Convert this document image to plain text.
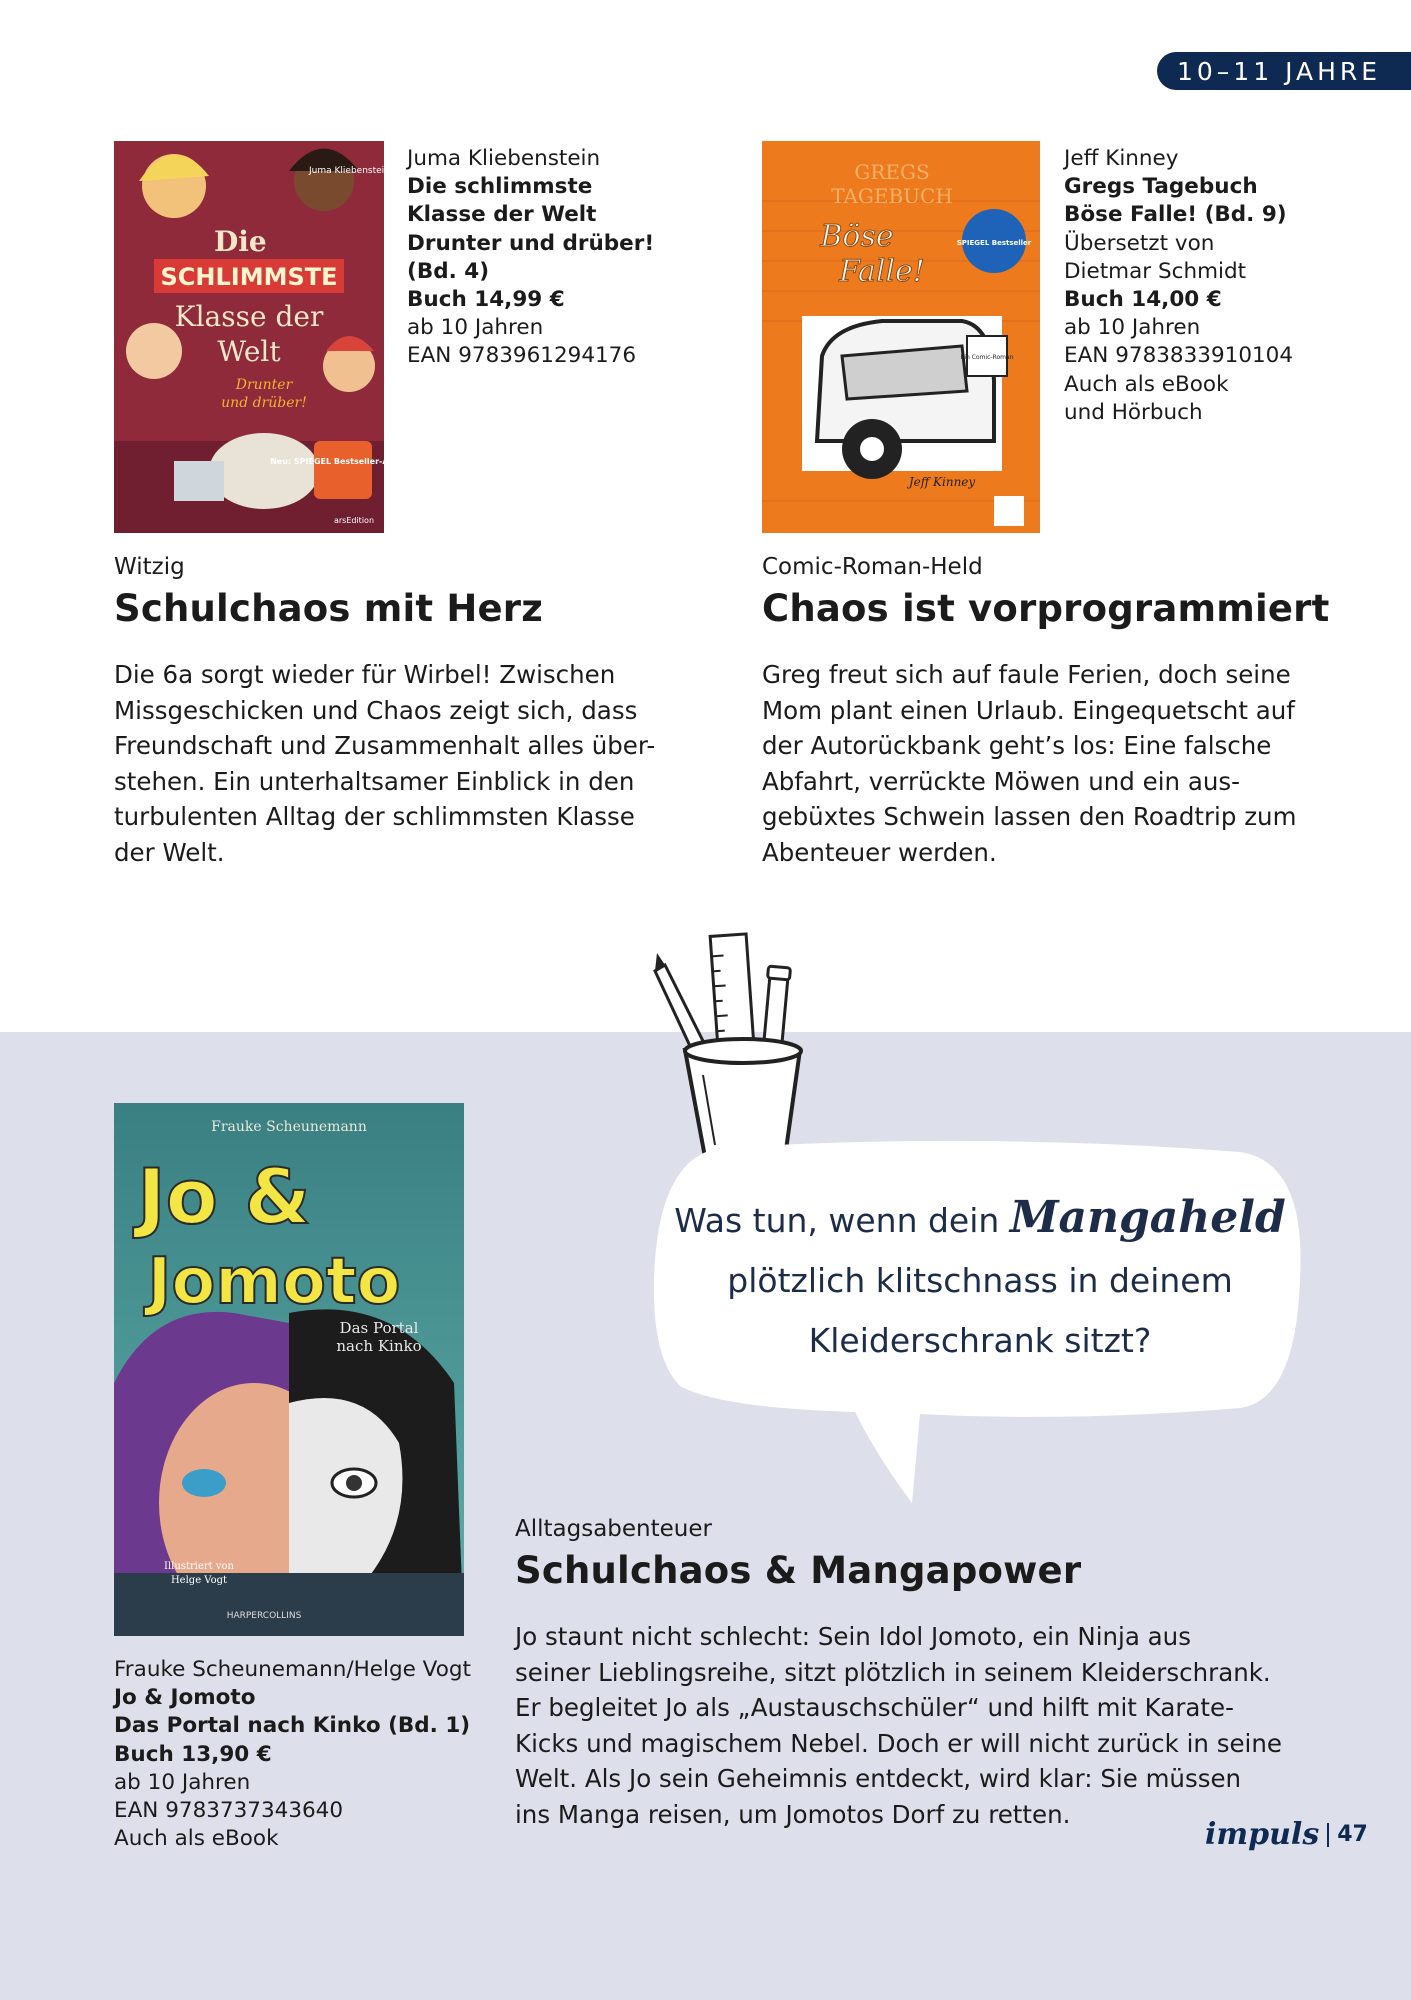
10–11 JAHRE
Neu: SPIEGEL Bestseller-Autorin
Juma Kliebenstein
Die
SCHLIMMSTE
Klasse der
Welt
Drunter
und drüber!
arsEdition
Juma Kliebenstein
Die schlimmste
Klasse der Welt
Drunter und drüber!
(Bd. 4)
Buch 14,99 €
ab 10 Jahren
EAN 9783961294176
Witzig
Schulchaos mit Herz
Die 6a sorgt wieder für Wirbel! Zwischen
Missgeschicken und Chaos zeigt sich, dass
Freundschaft und Zusammenhalt alles über-
stehen. Ein unterhaltsamer Einblick in den
turbulenten Alltag der schlimmsten Klasse
der Welt.
GREGS
TAGEBUCH
Böse
Falle!
SPIEGEL Bestseller
Ein Comic-Roman
Jeff Kinney
Jeff Kinney
Gregs Tagebuch
Böse Falle! (Bd. 9)
Übersetzt von
Dietmar Schmidt
Buch 14,00 €
ab 10 Jahren
EAN 9783833910104
Auch als eBook
und Hörbuch
Comic-Roman-Held
Chaos ist vorprogrammiert
Greg freut sich auf faule Ferien, doch seine
Mom plant einen Urlaub. Eingequetscht auf
der Autorückbank geht’s los: Eine falsche
Abfahrt, verrückte Möwen und ein aus-
gebüxtes Schwein lassen den Roadtrip zum
Abenteuer werden.
Was tun, wenn dein Mangaheld
plötzlich klitschnass in deinem
Kleiderschrank sitzt?
Frauke Scheunemann
Jo &
Jomoto
Das Portal
nach Kinko
Illustriert von
Helge Vogt
HARPERCOLLINS
Frauke Scheunemann/Helge Vogt
Jo & Jomoto
Das Portal nach Kinko (Bd. 1)
Buch 13,90 €
ab 10 Jahren
EAN 9783737343640
Auch als eBook
Alltagsabenteuer
Schulchaos & Mangapower
Jo staunt nicht schlecht: Sein Idol Jomoto, ein Ninja aus
seiner Lieblingsreihe, sitzt plötzlich in seinem Kleiderschrank.
Er begleitet Jo als „Austauschschüler“ und hilft mit Karate-
Kicks und magischem Nebel. Doch er will nicht zurück in seine
Welt. Als Jo sein Geheimnis entdeckt, wird klar: Sie müssen
ins Manga reisen, um Jomotos Dorf zu retten.
impuls 47
